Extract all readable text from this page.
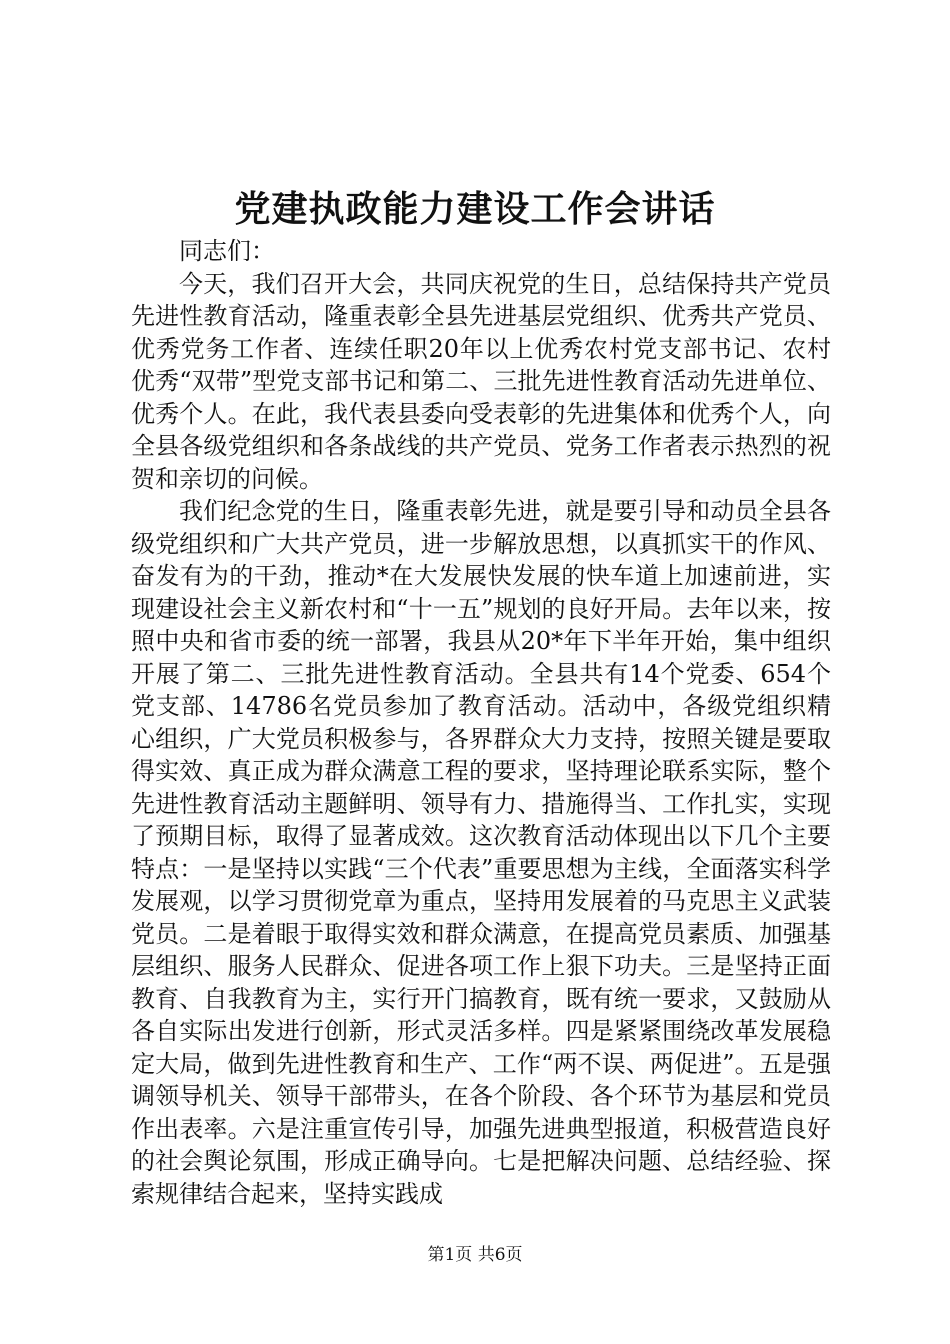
党建执政能力建设工作会讲话

同志们：

今天，我们召开大会，共同庆祝党的生日，总结保持共产党员先进性教育活动，隆重表彰全县先进基层党组织、优秀共产党员、优秀党务工作者、连续任职20年以上优秀农村党支部书记、农村优秀“双带”型党支部书记和第二、三批先进性教育活动先进单位、优秀个人。在此，我代表县委向受表彰的先进集体和优秀个人，向全县各级党组织和各条战线的共产党员、党务工作者表示热烈的祝贺和亲切的问候。

我们纪念党的生日，隆重表彰先进，就是要引导和动员全县各级党组织和广大共产党员，进一步解放思想，以真抓实干的作风、奋发有为的干劲，推动*在大发展快发展的快车道上加速前进，实现建设社会主义新农村和“十一五”规划的良好开局。去年以来，按照中央和省市委的统一部署，我县从20*年下半年开始，集中组织开展了第二、三批先进性教育活动。全县共有14个党委、654个党支部、14786名党员参加了教育活动。活动中，各级党组织精心组织，广大党员积极参与，各界群众大力支持，按照关键是要取得实效、真正成为群众满意工程的要求，坚持理论联系实际，整个先进性教育活动主题鲜明、领导有力、措施得当、工作扎实，实现了预期目标，取得了显著成效。这次教育活动体现出以下几个主要特点：一是坚持以实践“三个代表”重要思想为主线，全面落实科学发展观，以学习贯彻党章为重点，坚持用发展着的马克思主义武装党员。二是着眼于取得实效和群众满意，在提高党员素质、加强基层组织、服务人民群众、促进各项工作上狠下功夫。三是坚持正面教育、自我教育为主，实行开门搞教育，既有统一要求，又鼓励从各自实际出发进行创新，形式灵活多样。四是紧紧围绕改革发展稳定大局，做到先进性教育和生产、工作“两不误、两促进”。五是强调领导机关、领导干部带头，在各个阶段、各个环节为基层和党员作出表率。六是注重宣传引导，加强先进典型报道，积极营造良好的社会舆论氛围，形成正确导向。七是把解决问题、总结经验、探索规律结合起来，坚持实践成

第1页 共6页
